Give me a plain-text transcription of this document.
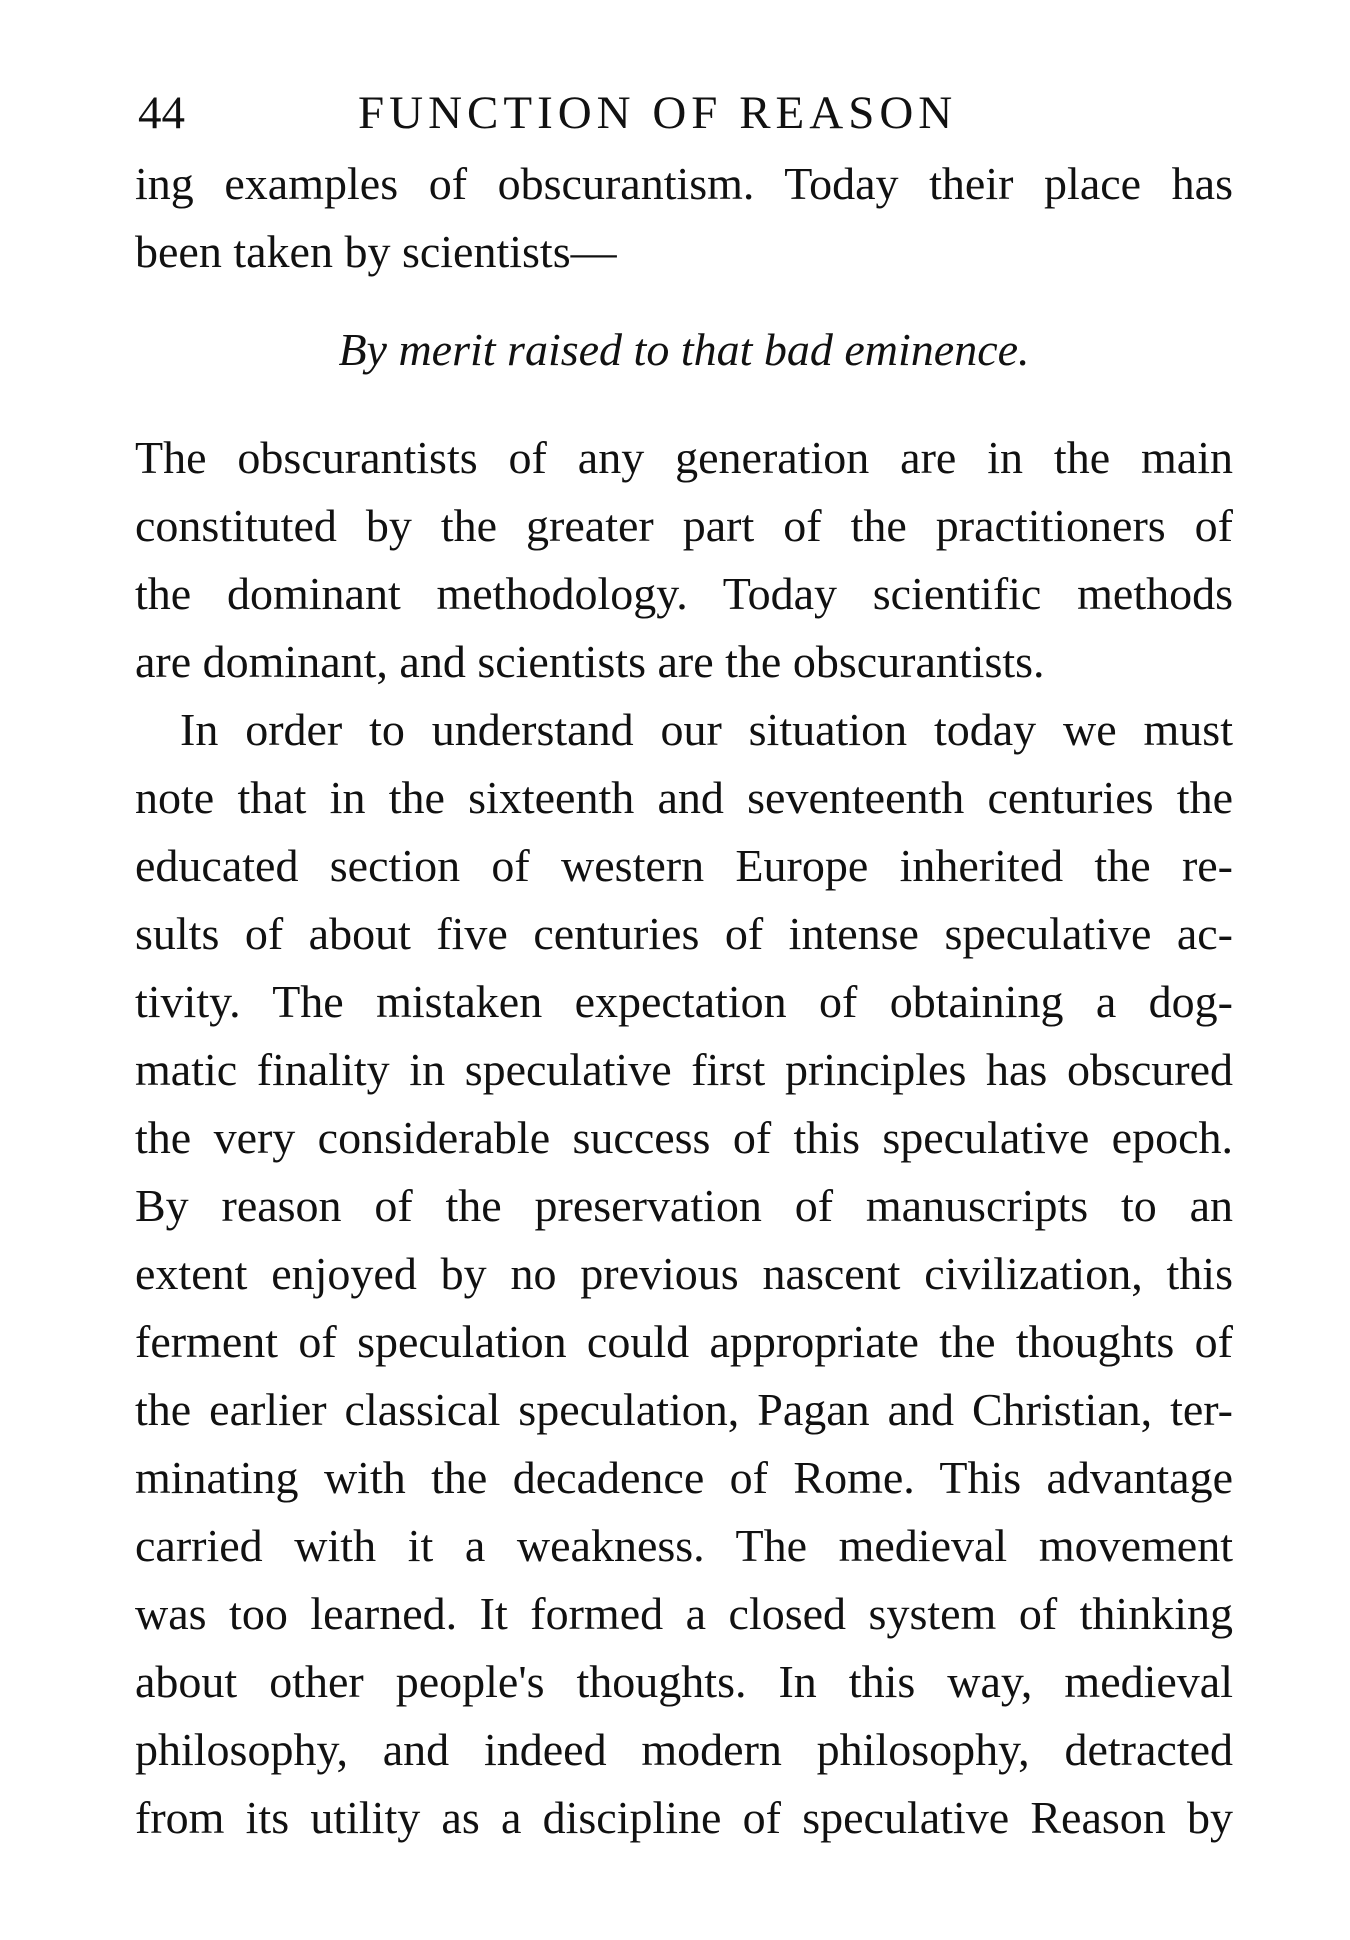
44	FUNCTION OF REASON
ing examples of obscurantism. Today their place has
been taken by scientists—
By merit raised to that bad eminence.
The obscurantists of any generation are in the main
constituted by the greater part of the practitioners of
the dominant methodology. Today scientific methods
are dominant, and scientists are the obscurantists.
In order to understand our situation today we must
note that in the sixteenth and seventeenth centuries the
educated section of western Europe inherited the re-
sults of about five centuries of intense speculative ac-
tivity. The mistaken expectation of obtaining a dog-
matic finality in speculative first principles has obscured
the very considerable success of this speculative epoch.
By reason of the preservation of manuscripts to an
extent enjoyed by no previous nascent civilization, this
ferment of speculation could appropriate the thoughts of
the earlier classical speculation, Pagan and Christian, ter-
minating with the decadence of Rome. This advantage
carried with it a weakness. The medieval movement
was too learned. It formed a closed system of thinking
about other people's thoughts. In this way, medieval
philosophy, and indeed modern philosophy, detracted
from its utility as a discipline of speculative Reason by
